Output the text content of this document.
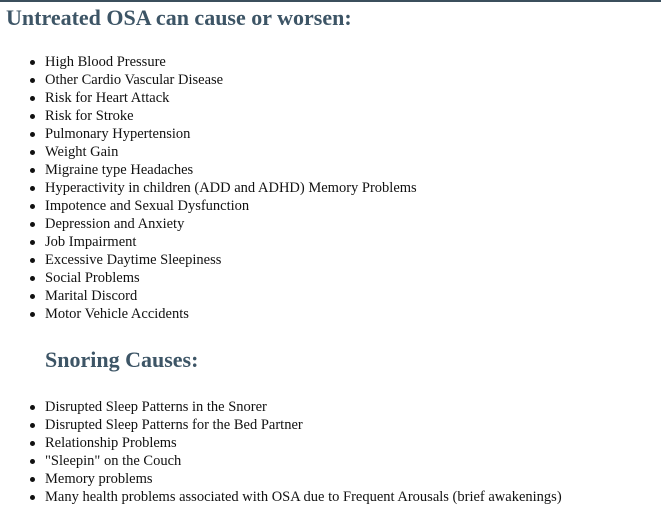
Untreated OSA can cause or worsen:
High Blood Pressure
Other Cardio Vascular Disease
Risk for Heart Attack
Risk for Stroke
Pulmonary Hypertension
Weight Gain
Migraine type Headaches
Hyperactivity in children (ADD and ADHD) Memory Problems
Impotence and Sexual Dysfunction
Depression and Anxiety
Job Impairment
Excessive Daytime Sleepiness
Social Problems
Marital Discord
Motor Vehicle Accidents
Snoring Causes:
Disrupted Sleep Patterns in the Snorer
Disrupted Sleep Patterns for the Bed Partner
Relationship Problems
"Sleepin" on the Couch
Memory problems
Many health problems associated with OSA due to Frequent Arousals (brief awakenings)
